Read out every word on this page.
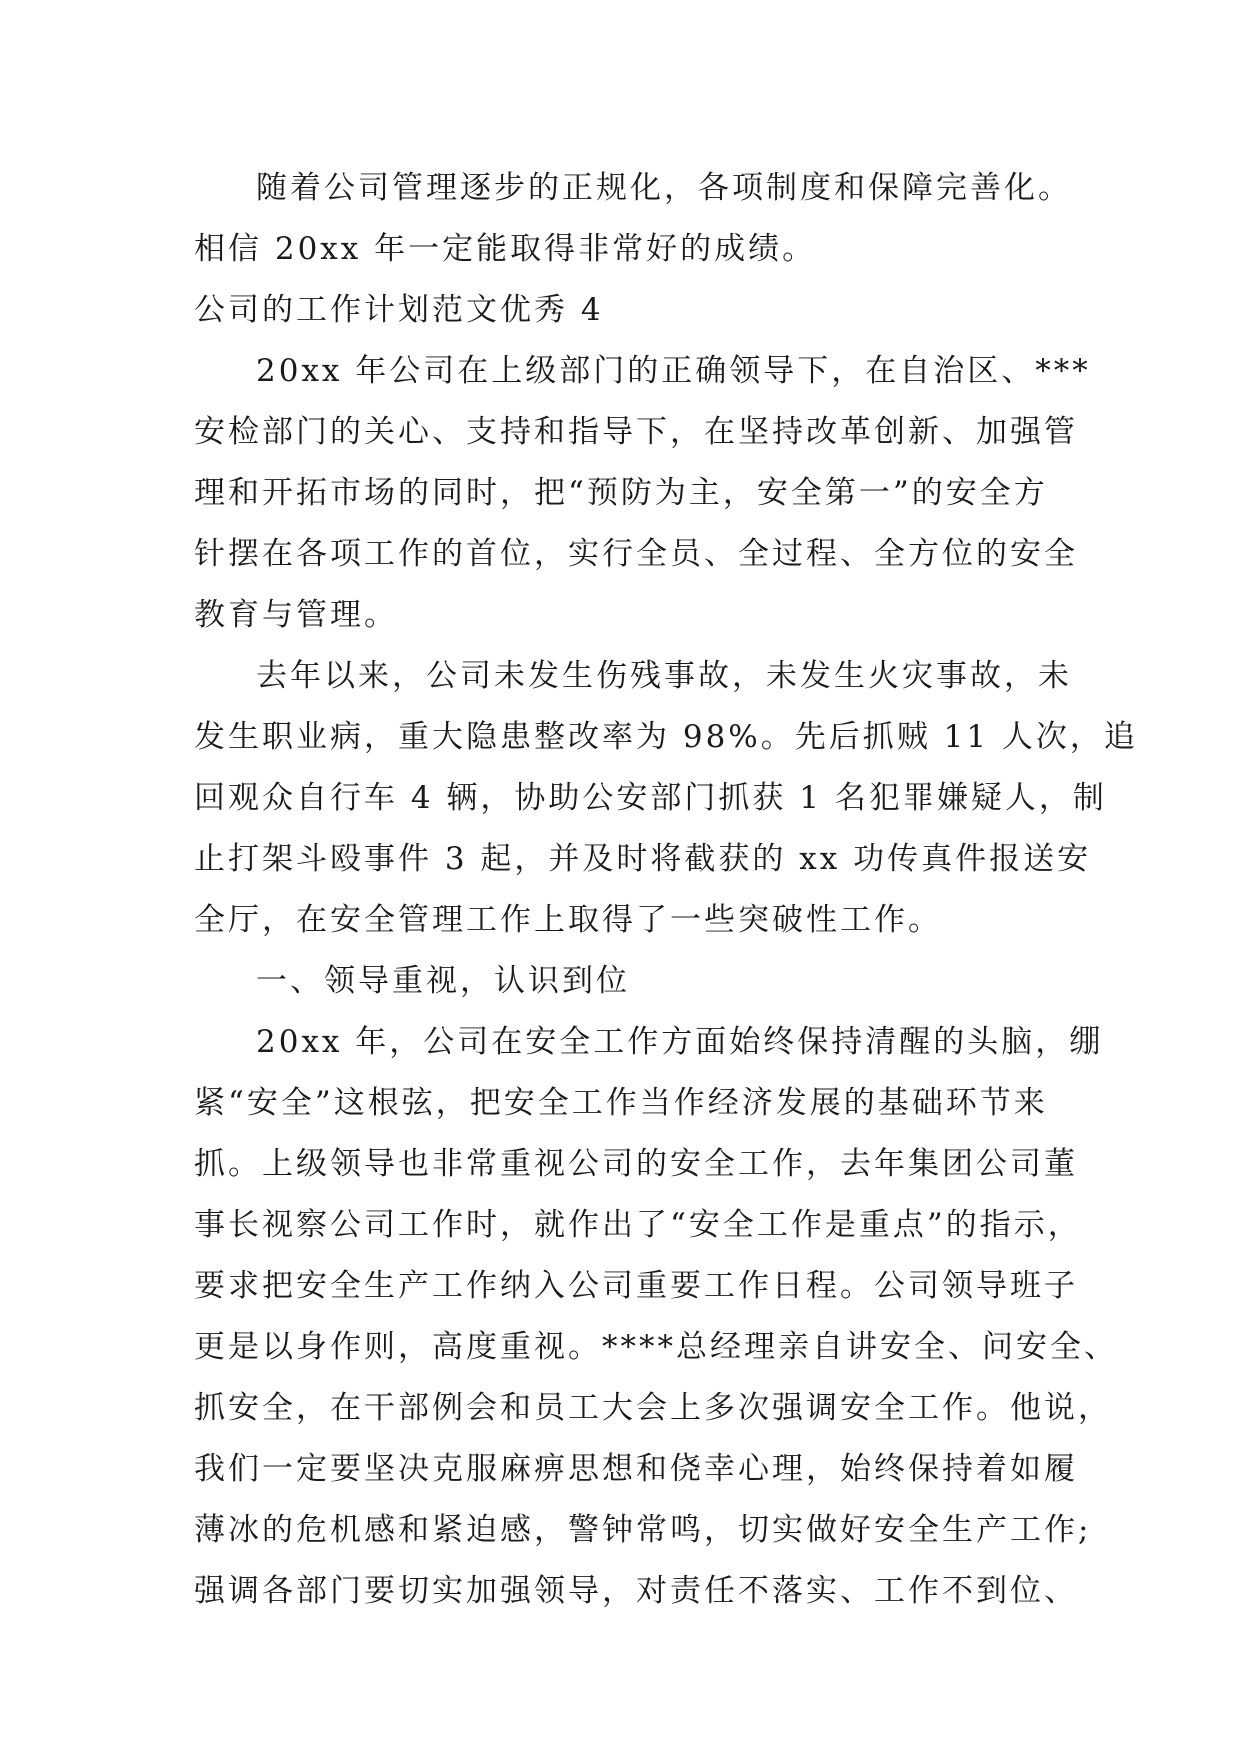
随着公司管理逐步的正规化，各项制度和保障完善化。
相信 20xx 年一定能取得非常好的成绩。
公司的工作计划范文优秀 4
20xx 年公司在上级部门的正确领导下，在自治区、***
安检部门的关心、支持和指导下，在坚持改革创新、加强管
理和开拓市场的同时，把“预防为主，安全第一”的安全方
针摆在各项工作的首位，实行全员、全过程、全方位的安全
教育与管理。
去年以来，公司未发生伤残事故，未发生火灾事故，未
发生职业病，重大隐患整改率为 98%。先后抓贼 11 人次，追
回观众自行车 4 辆，协助公安部门抓获 1 名犯罪嫌疑人，制
止打架斗殴事件 3 起，并及时将截获的 xx 功传真件报送安
全厅，在安全管理工作上取得了一些突破性工作。
一、领导重视，认识到位
20xx 年，公司在安全工作方面始终保持清醒的头脑，绷
紧“安全”这根弦，把安全工作当作经济发展的基础环节来
抓。上级领导也非常重视公司的安全工作，去年集团公司董
事长视察公司工作时，就作出了“安全工作是重点”的指示，
要求把安全生产工作纳入公司重要工作日程。公司领导班子
更是以身作则，高度重视。****总经理亲自讲安全、问安全、
抓安全，在干部例会和员工大会上多次强调安全工作。他说，
我们一定要坚决克服麻痹思想和侥幸心理，始终保持着如履
薄冰的危机感和紧迫感，警钟常鸣，切实做好安全生产工作;
强调各部门要切实加强领导，对责任不落实、工作不到位、
